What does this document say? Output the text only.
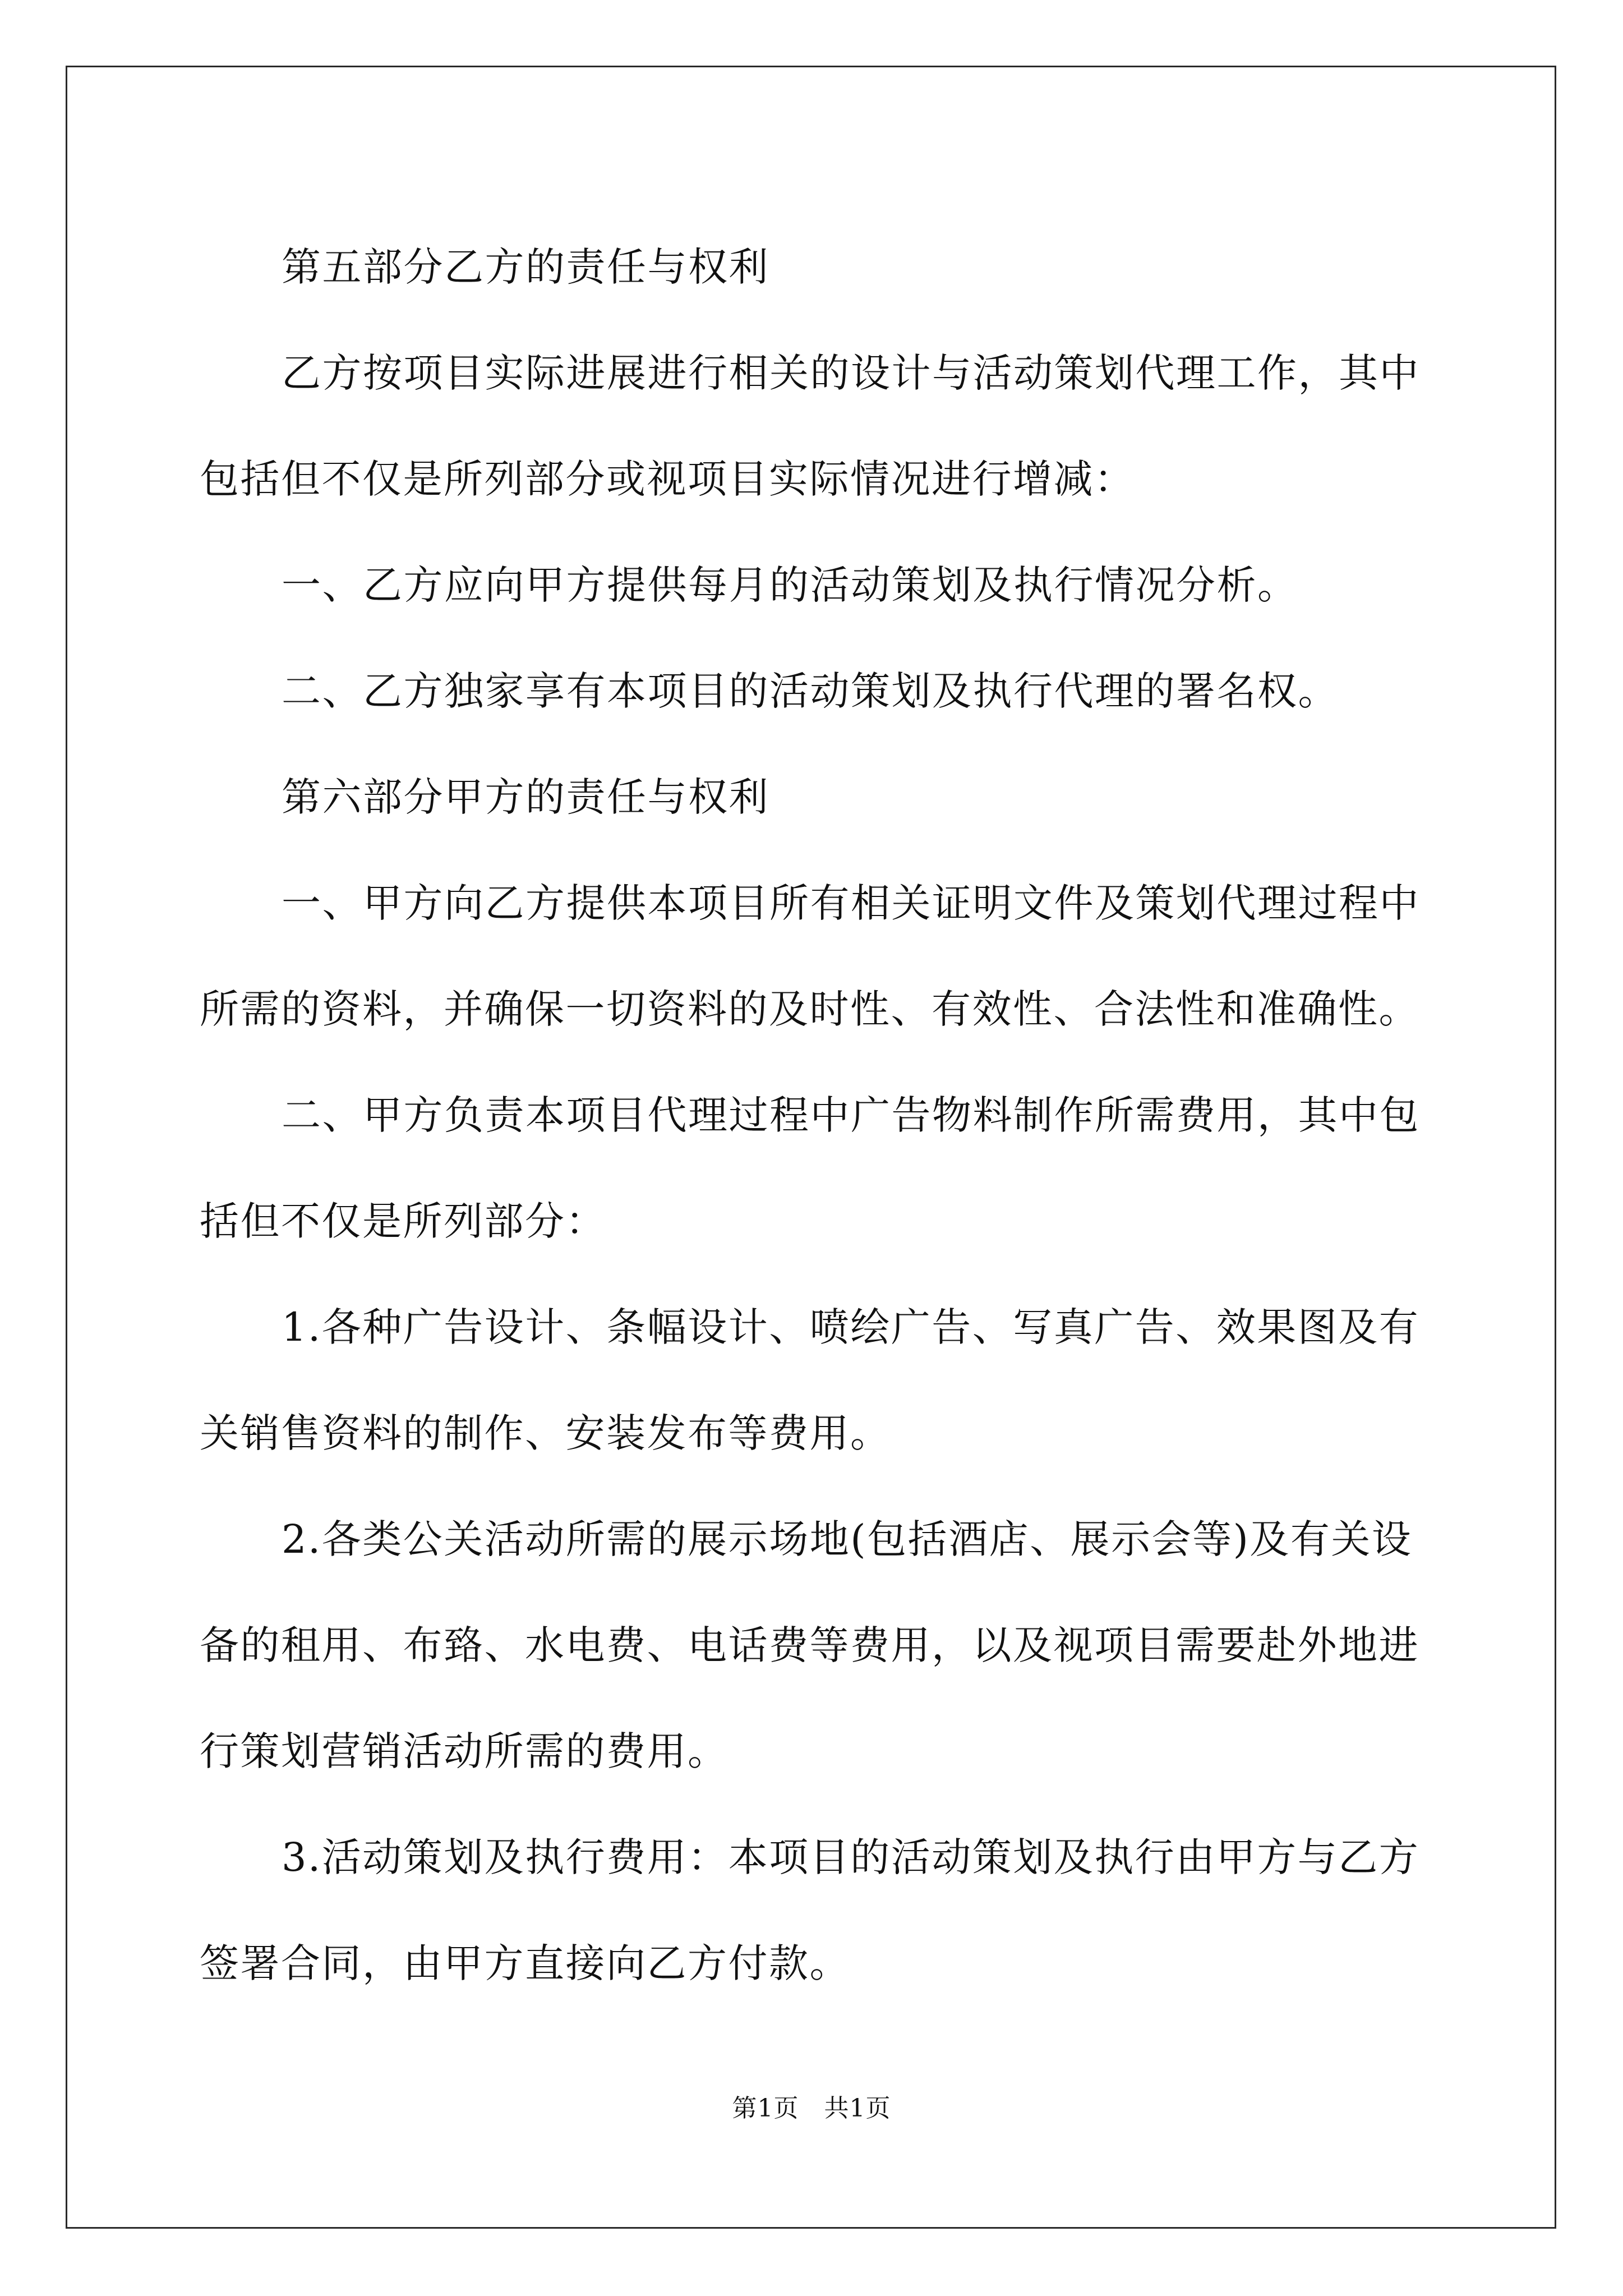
第五部分乙方的责任与权利

乙方按项目实际进展进行相关的设计与活动策划代理工作，其中包括但不仅是所列部分或视项目实际情况进行增减：

一、乙方应向甲方提供每月的活动策划及执行情况分析。

二、乙方独家享有本项目的活动策划及执行代理的署名权。

第六部分甲方的责任与权利

一、甲方向乙方提供本项目所有相关证明文件及策划代理过程中所需的资料，并确保一切资料的及时性、有效性、合法性和准确性。

二、甲方负责本项目代理过程中广告物料制作所需费用，其中包括但不仅是所列部分：

1.各种广告设计、条幅设计、喷绘广告、写真广告、效果图及有关销售资料的制作、安装发布等费用。

2.各类公关活动所需的展示场地(包括酒店、展示会等)及有关设备的租用、布臵、水电费、电话费等费用，以及视项目需要赴外地进行策划营销活动所需的费用。

3.活动策划及执行费用：本项目的活动策划及执行由甲方与乙方签署合同，由甲方直接向乙方付款。

第1页　共1页
